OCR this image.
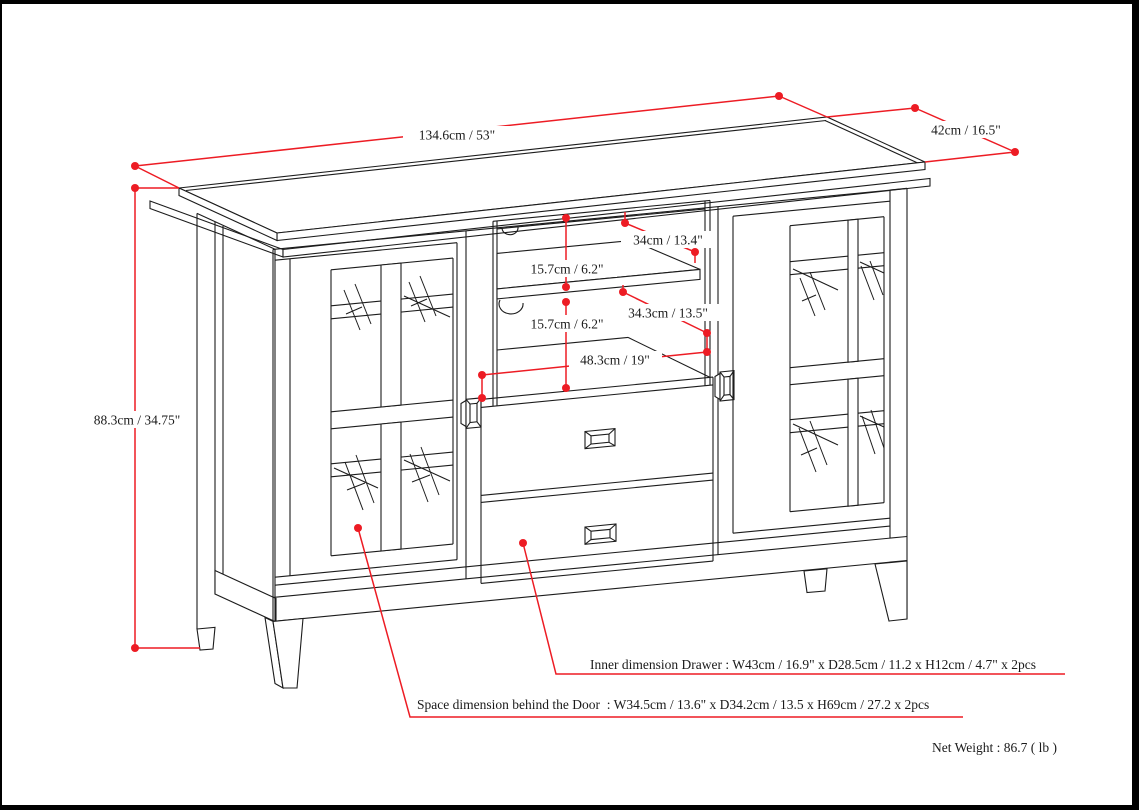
134.6cm / 53"	42cm / 16.5"
88.3cm / 34.75"
15.7cm / 6.2"
15.7cm / 6.2"
34cm / 13.4"
34.3cm / 13.5"
48.3cm / 19"
Inner dimension Drawer : W43cm / 16.9" x D28.5cm / 11.2 x H12cm / 4.7" x 2pcs
Space dimension behind the Door  : W34.5cm / 13.6" x D34.2cm / 13.5 x H69cm / 27.2 x 2pcs
Net Weight : 86.7 ( lb )
